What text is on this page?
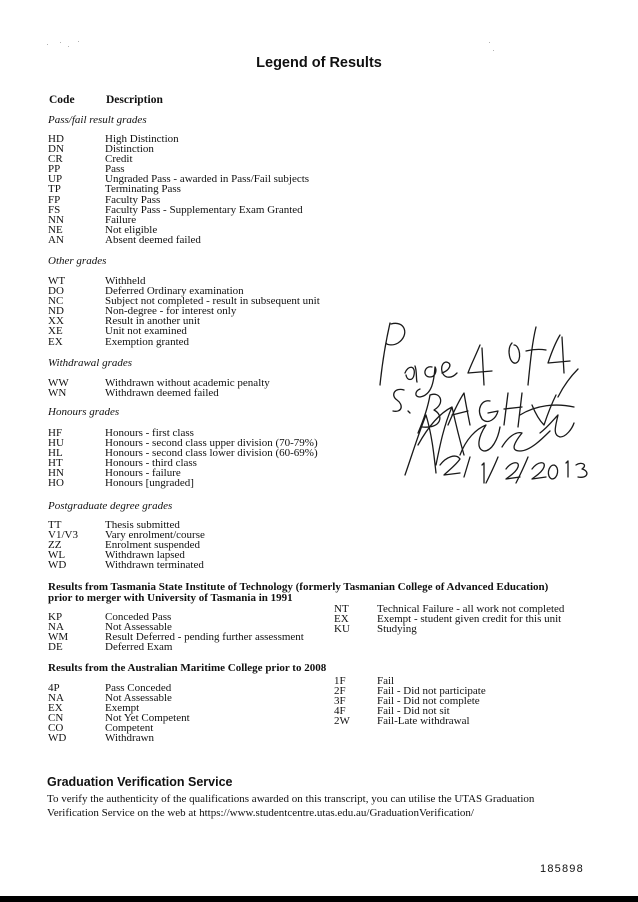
Legend of Results
Code	Description
Pass/fail result grades
HD	High Distinction
DN	Distinction
CR	Credit
PP	Pass
UP	Ungraded Pass - awarded in Pass/Fail subjects
TP	Terminating Pass
FP	Faculty Pass
FS	Faculty Pass - Supplementary Exam Granted
NN	Failure
NE	Not eligible
AN	Absent deemed failed
Other grades
WT	Withheld
DO	Deferred Ordinary examination
NC	Subject not completed - result in subsequent unit
ND	Non-degree - for interest only
XX	Result in another unit
XE	Unit not examined
EX	Exemption granted
Withdrawal grades
WW	Withdrawn without academic penalty
WN	Withdrawn deemed failed
Honours grades
HF	Honours - first class
HU	Honours - second class upper division (70-79%)
HL	Honours - second class lower division (60-69%)
HT	Honours - third class
HN	Honours - failure
HO	Honours [ungraded]
Postgraduate degree grades
TT	Thesis submitted
V1/V3 Vary enrolment/course
ZZ	Enrolment suspended
WL	Withdrawn lapsed
WD	Withdrawn terminated
Results from Tasmania State Institute of Technology (formerly Tasmanian College of Advanced Education)
prior to merger with University of Tasmania in 1991
KP	Conceded Pass
NA	Not Assessable
WM	Result Deferred - pending further assessment
DE	Deferred Exam
NT	Technical Failure - all work not completed
EX	Exempt - student given credit for this unit
KU Studying
Results from the Australian Maritime College prior to 2008
4P	Pass Conceded
NA	Not Assessable
EX	Exempt
CN	Not Yet Competent
CO	Competent
WD	Withdrawn
1F	Fail
2F	Fail - Did not participate
3F	Fail - Did not complete
4F	Fail - Did not sit
2W Fail-Late withdrawal
Graduation Verification Service
To verify the authenticity of the qualifications awarded on this transcript, you can utilise the UTAS Graduation
Verification Service on the web at https://www.studentcentre.utas.edu.au/GraduationVerification/
185898
